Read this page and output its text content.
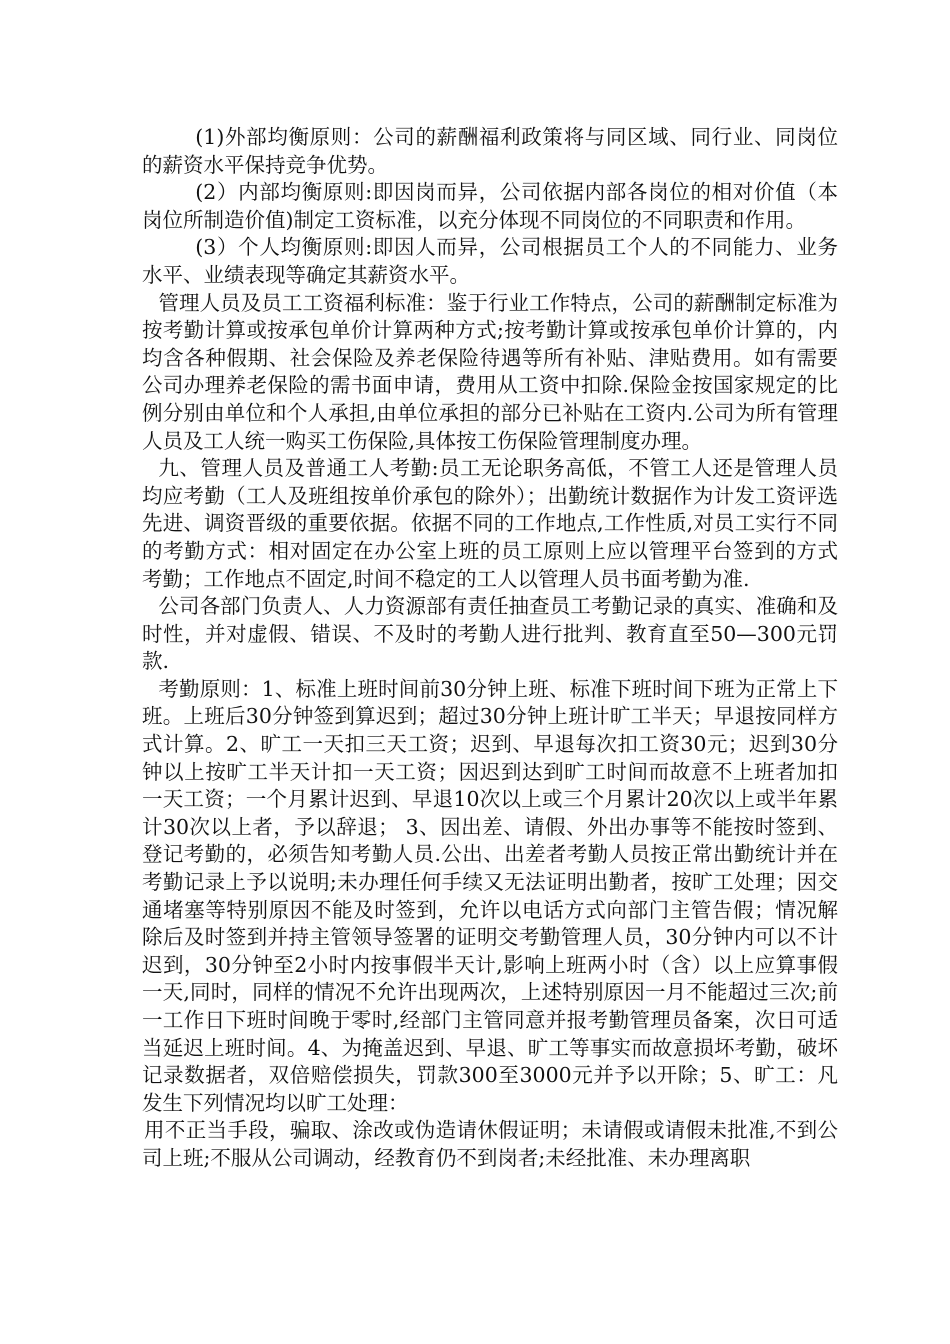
(1)外部均衡原则：公司的薪酬福利政策将与同区域、同行业、同岗位的薪资水平保持竞争优势。

(2）内部均衡原则:即因岗而异，公司依据内部各岗位的相对价值（本岗位所制造价值)制定工资标准，以充分体现不同岗位的不同职责和作用。

(3）个人均衡原则:即因人而异，公司根据员工个人的不同能力、业务水平、业绩表现等确定其薪资水平。

管理人员及员工工资福利标准：鉴于行业工作特点，公司的薪酬制定标准为按考勤计算或按承包单价计算两种方式;按考勤计算或按承包单价计算的，内均含各种假期、社会保险及养老保险待遇等所有补贴、津贴费用。如有需要公司办理养老保险的需书面申请，费用从工资中扣除.保险金按国家规定的比例分别由单位和个人承担,由单位承担的部分已补贴在工资内.公司为所有管理人员及工人统一购买工伤保险,具体按工伤保险管理制度办理。

九、管理人员及普通工人考勤:员工无论职务高低，不管工人还是管理人员均应考勤（工人及班组按单价承包的除外）；出勤统计数据作为计发工资评选先进、调资晋级的重要依据。依据不同的工作地点,工作性质,对员工实行不同的考勤方式：相对固定在办公室上班的员工原则上应以管理平台签到的方式考勤；工作地点不固定,时间不稳定的工人以管理人员书面考勤为准.

公司各部门负责人、人力资源部有责任抽查员工考勤记录的真实、准确和及时性，并对虚假、错误、不及时的考勤人进行批判、教育直至50—300元罚款.

考勤原则：1、标准上班时间前30分钟上班、标准下班时间下班为正常上下班。上班后30分钟签到算迟到；超过30分钟上班计旷工半天；早退按同样方式计算。2、旷工一天扣三天工资；迟到、早退每次扣工资30元；迟到30分钟以上按旷工半天计扣一天工资；因迟到达到旷工时间而故意不上班者加扣一天工资；一个月累计迟到、早退10次以上或三个月累计20次以上或半年累计30次以上者，予以辞退； 3、因出差、请假、外出办事等不能按时签到、登记考勤的，必须告知考勤人员.公出、出差者考勤人员按正常出勤统计并在考勤记录上予以说明;未办理任何手续又无法证明出勤者，按旷工处理；因交通堵塞等特别原因不能及时签到，允许以电话方式向部门主管告假；情况解除后及时签到并持主管领导签署的证明交考勤管理人员，30分钟内可以不计迟到，30分钟至2小时内按事假半天计,影响上班两小时（含）以上应算事假一天,同时，同样的情况不允许出现两次，上述特别原因一月不能超过三次;前一工作日下班时间晚于零时,经部门主管同意并报考勤管理员备案，次日可适当延迟上班时间。4、为掩盖迟到、早退、旷工等事实而故意损坏考勤，破坏记录数据者，双倍赔偿损失，罚款300至3000元并予以开除；5、旷工：凡发生下列情况均以旷工处理：

用不正当手段，骗取、涂改或伪造请休假证明；未请假或请假未批准,不到公司上班;不服从公司调动，经教育仍不到岗者;未经批准、未办理离职
